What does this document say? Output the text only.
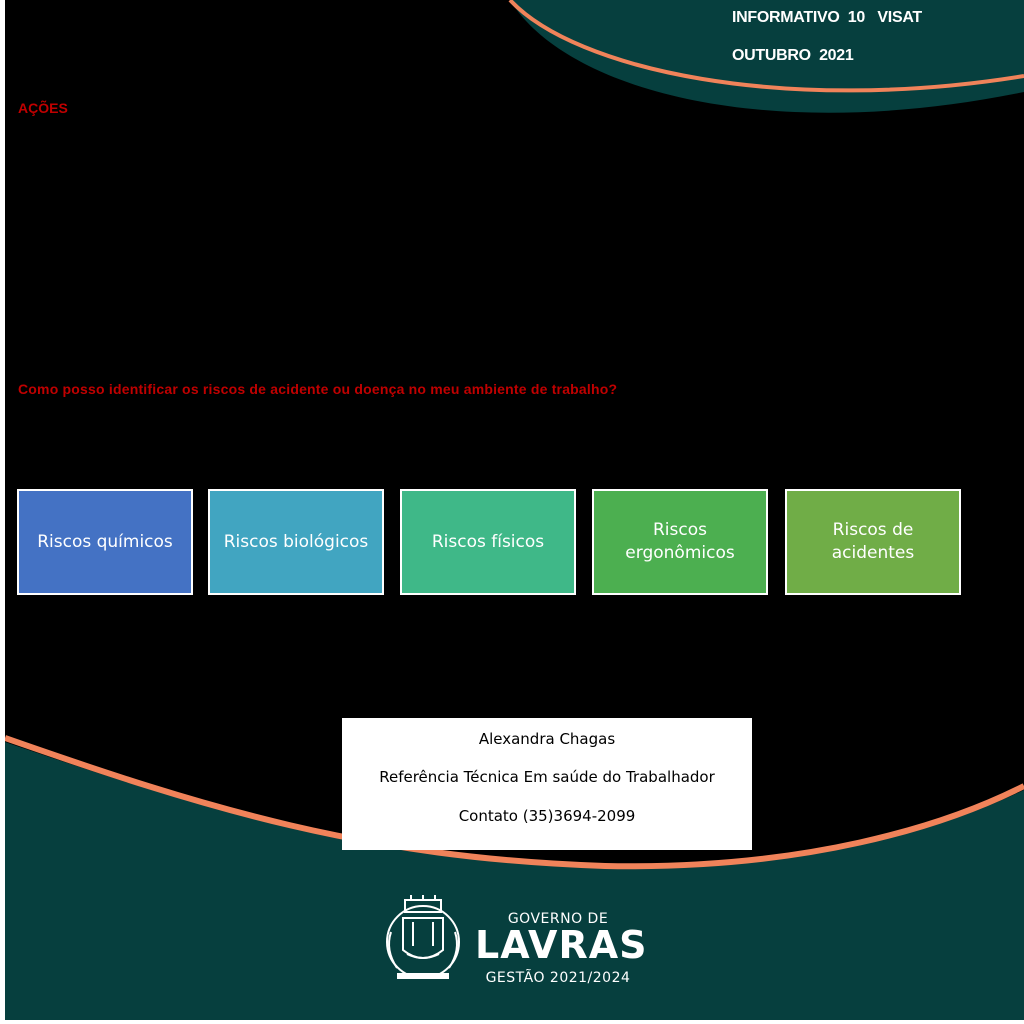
INFORMATIVO  10   VISAT
OUTUBRO  2021
AÇÕES
Como posso identificar os riscos de acidente ou doença no meu ambiente de trabalho?
Riscos químicos	Riscos biológicos	Riscos físicos
Riscos ergonômicos
Riscos de acidentes

Alexandra Chagas

Referência Técnica Em saúde do Trabalhador

Contato (35)3694-2099

GOVERNO DE
LAVRAS
GESTÃO 2021/2024
